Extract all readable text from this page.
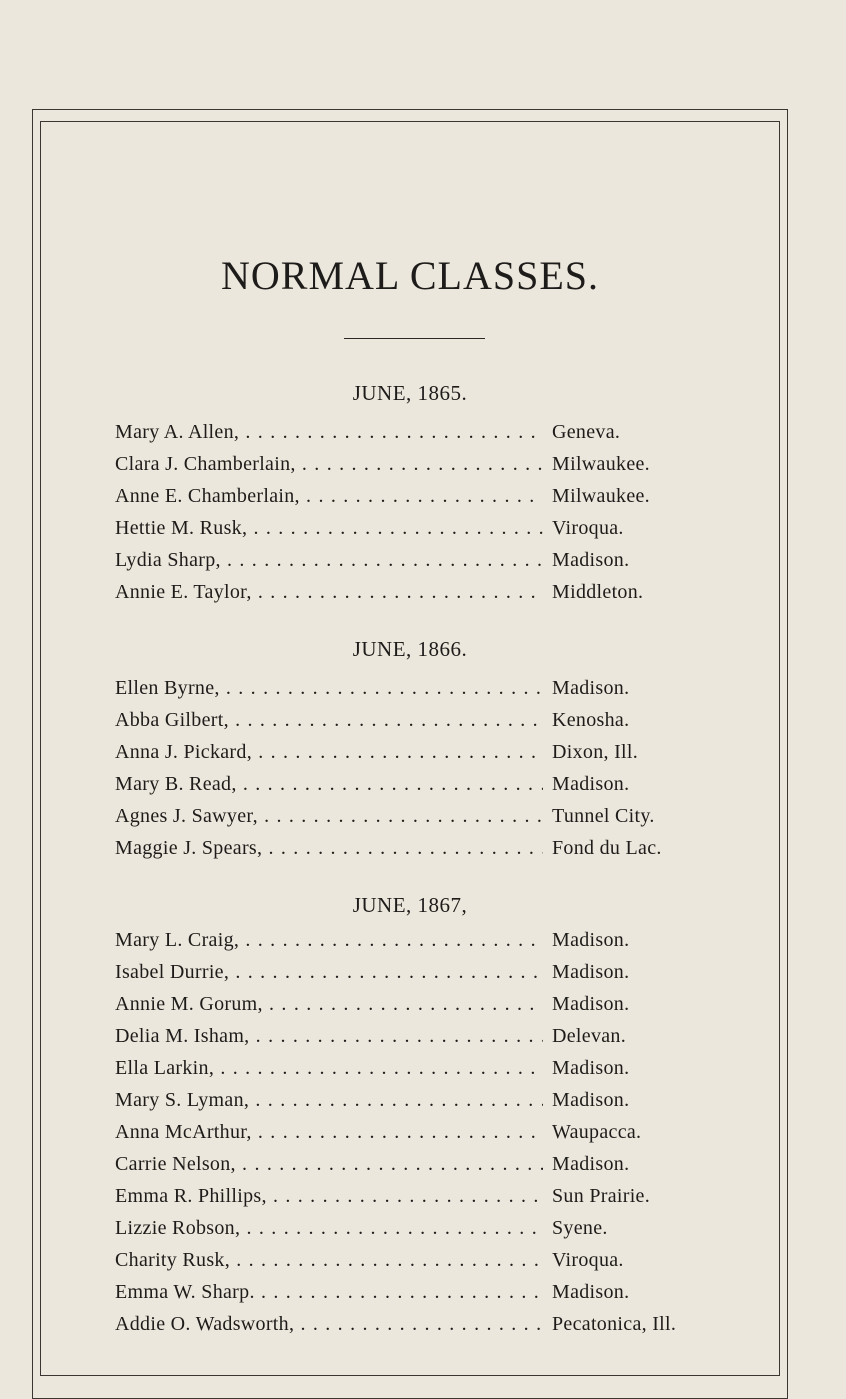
NORMAL CLASSES.
JUNE, 1865.
Mary A. Allen, . . .	Geneva.
Clara J. Chamberlain, . . .	Milwaukee.
Anne E. Chamberlain, . . .	Milwaukee.
Hettie M. Rusk, . . .	Viroqua.
Lydia Sharp, . . .	Madison.
Annie E. Taylor, . . .	Middleton.
JUNE, 1866.
Ellen Byrne, . . .	Madison.
Abba Gilbert, . . .	Kenosha.
Anna J. Pickard, . . .	Dixon, Ill.
Mary B. Read, . . .	Madison.
Agnes J. Sawyer, . . .	Tunnel City.
Maggie J. Spears, . . .	Fond du Lac.
JUNE, 1867,
Mary L. Craig, . . .	Madison.
Isabel Durrie, . . .	Madison.
Annie M. Gorum, . . .	Madison.
Delia M. Isham, . . .	Delevan.
Ella Larkin, . . .	Madison.
Mary S. Lyman, . . .	Madison.
Anna McArthur, . . .	Waupacca.
Carrie Nelson, . . .	Madison.
Emma R. Phillips, . . .	Sun Prairie.
Lizzie Robson, . . .	Syene.
Charity Rusk, . . .	Viroqua.
Emma W. Sharp. . . .	Madison.
Addie O. Wadsworth, . . .	Pecatonica, Ill.
